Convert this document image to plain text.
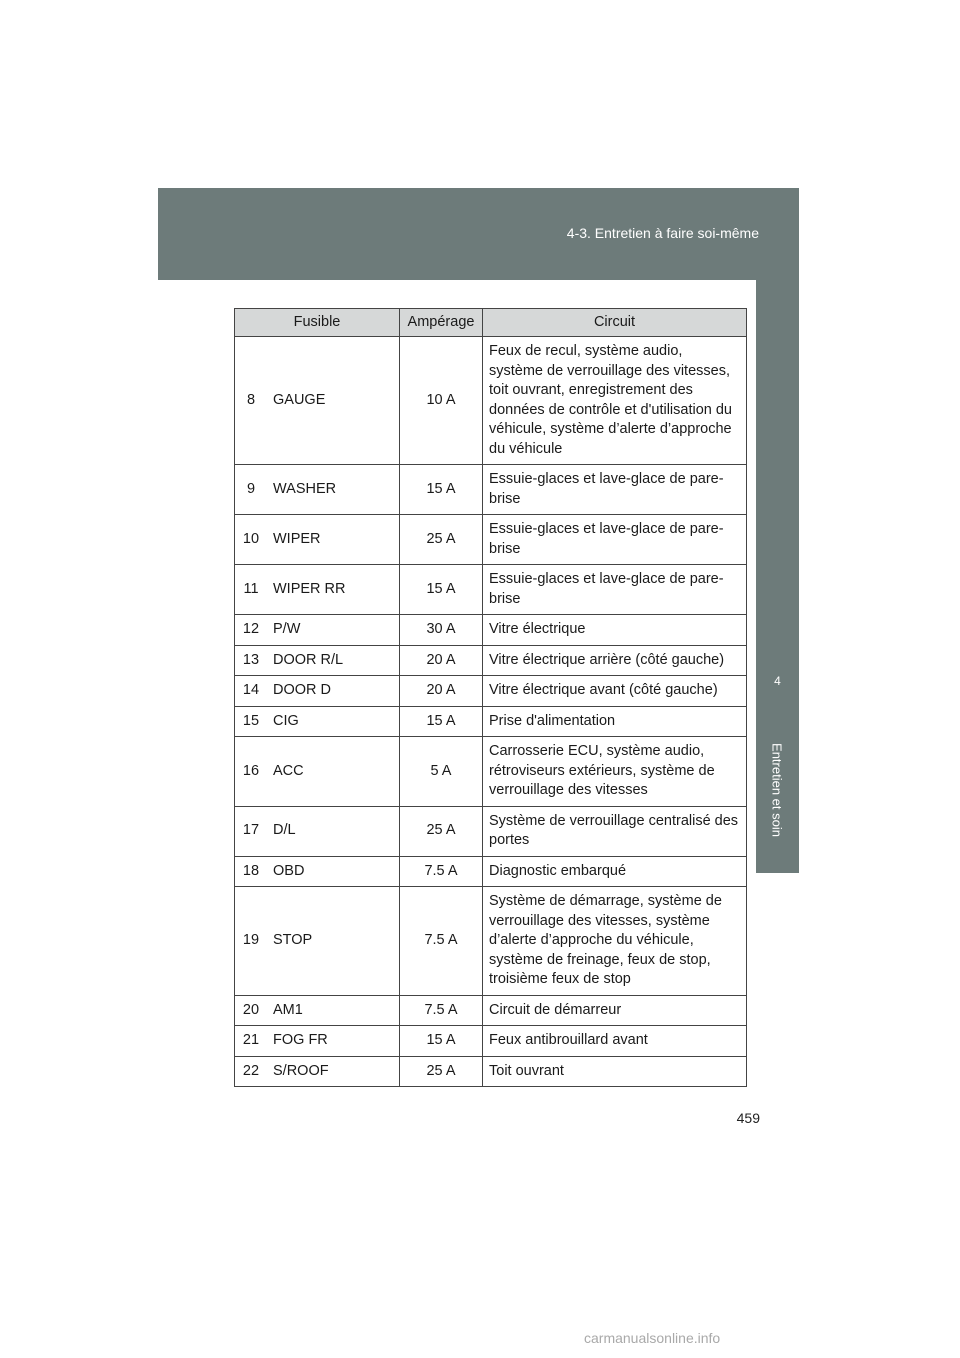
4-3. Entretien à faire soi-même
4
Entretien et soin
Fusible		Ampérage	Circuit
8	GAUGE	10 A	Feux de recul, système audio, système de verrouillage des vitesses, toit ouvrant, enregistrement des données de contrôle et d'utilisation du véhicule, système d’alerte d’approche du véhicule
9	WASHER	15 A	Essuie-glaces et lave-glace de pare-brise
10	WIPER	25 A	Essuie-glaces et lave-glace de pare-brise
11	WIPER RR	15 A	Essuie-glaces et lave-glace de pare-brise
12	P/W	30 A	Vitre électrique
13	DOOR R/L	20 A	Vitre électrique arrière (côté gauche)
14	DOOR D	20 A	Vitre électrique avant (côté gauche)
15	CIG	15 A	Prise d'alimentation
16	ACC	5 A	Carrosserie ECU, système audio, rétroviseurs extérieurs, système de verrouillage des vitesses
17	D/L	25 A	Système de verrouillage centralisé des portes
18	OBD	7.5 A	Diagnostic embarqué
19	STOP	7.5 A	Système de démarrage, système de verrouillage des vitesses, système d’alerte d’approche du véhicule, système de freinage, feux de stop, troisième feux de stop
20	AM1	7.5 A	Circuit de démarreur
21	FOG FR	15 A	Feux antibrouillard avant
22	S/ROOF	25 A	Toit ouvrant
459
carmanualsonline.info
